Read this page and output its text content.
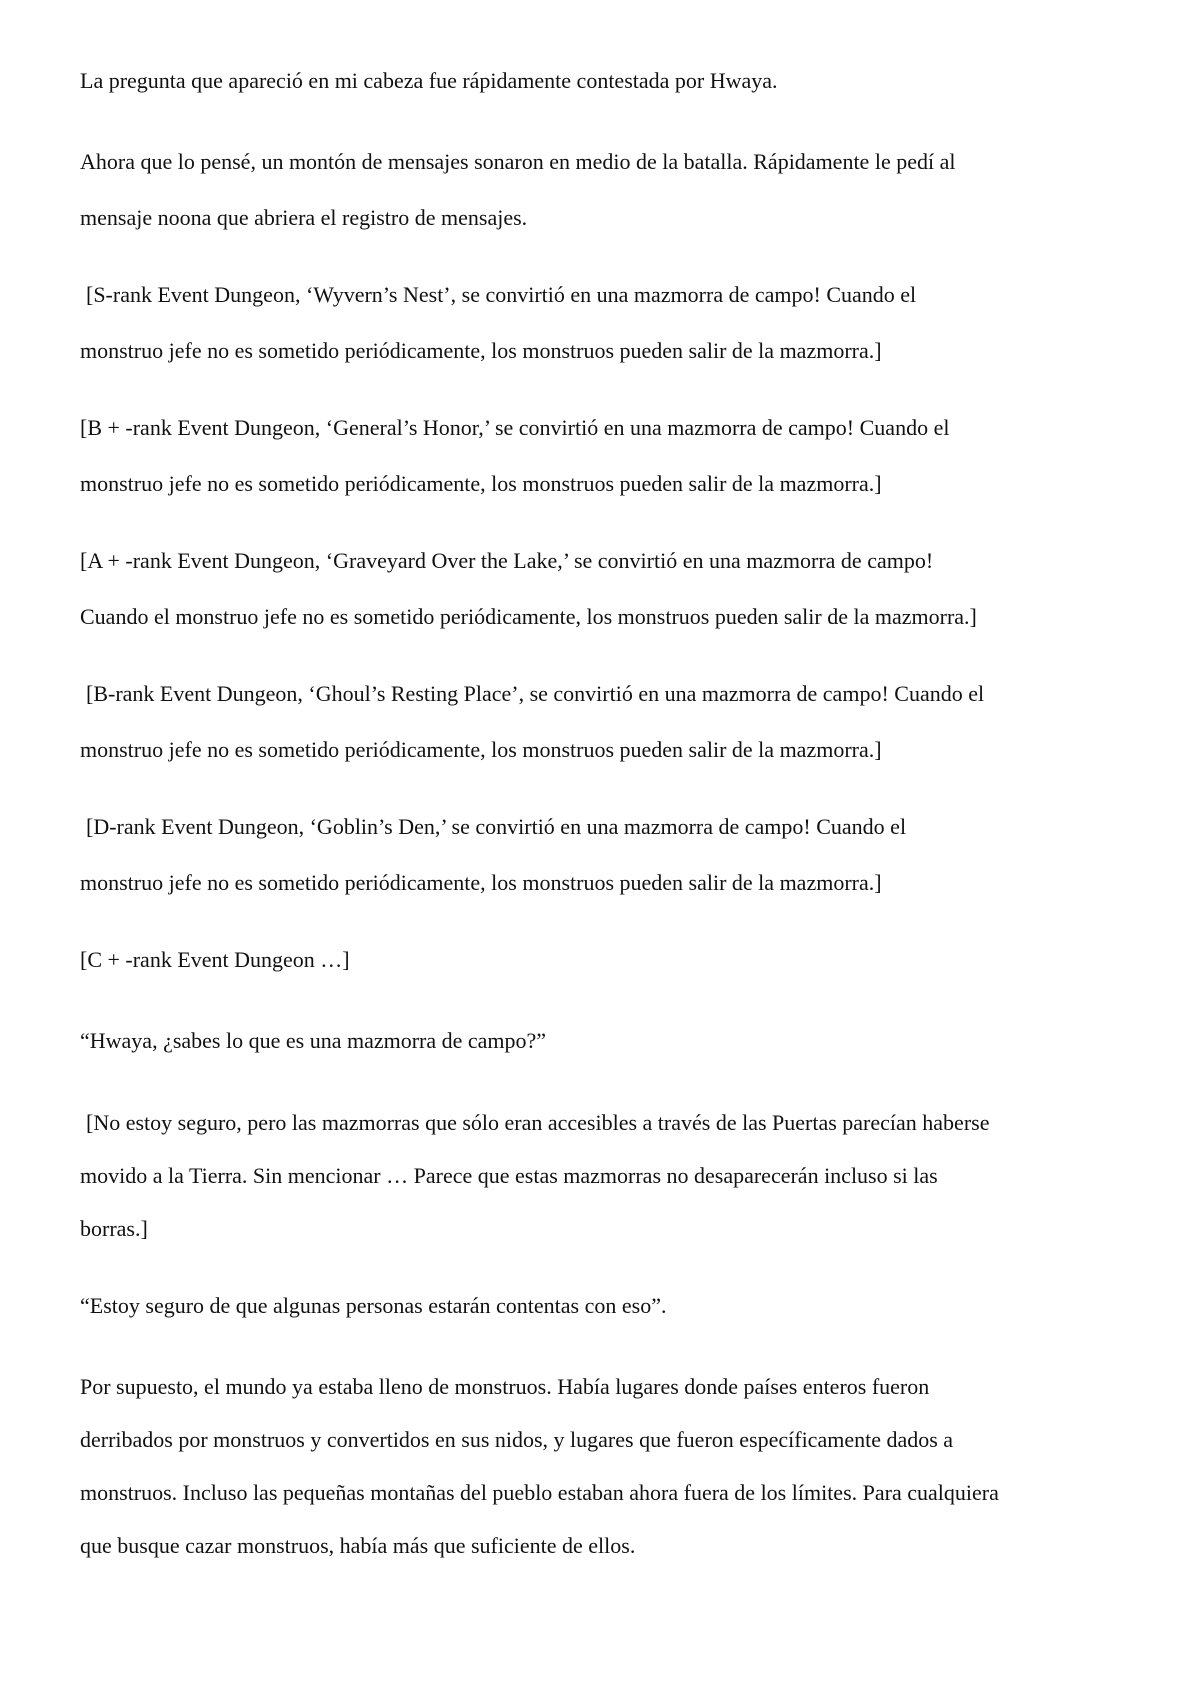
La pregunta que apareció en mi cabeza fue rápidamente contestada por Hwaya.

Ahora que lo pensé, un montón de mensajes sonaron en medio de la batalla. Rápidamente le pedí al

mensaje noona que abriera el registro de mensajes.

[S-rank Event Dungeon, ‘Wyvern’s Nest’, se convirtió en una mazmorra de campo! Cuando el

monstruo jefe no es sometido periódicamente, los monstruos pueden salir de la mazmorra.]

[B + -rank Event Dungeon, ‘General’s Honor,’ se convirtió en una mazmorra de campo! Cuando el

monstruo jefe no es sometido periódicamente, los monstruos pueden salir de la mazmorra.]

[A + -rank Event Dungeon, ‘Graveyard Over the Lake,’ se convirtió en una mazmorra de campo!

Cuando el monstruo jefe no es sometido periódicamente, los monstruos pueden salir de la mazmorra.]

[B-rank Event Dungeon, ‘Ghoul’s Resting Place’, se convirtió en una mazmorra de campo! Cuando el

monstruo jefe no es sometido periódicamente, los monstruos pueden salir de la mazmorra.]

[D-rank Event Dungeon, ‘Goblin’s Den,’ se convirtió en una mazmorra de campo! Cuando el

monstruo jefe no es sometido periódicamente, los monstruos pueden salir de la mazmorra.]

[C + -rank Event Dungeon …]

“Hwaya, ¿sabes lo que es una mazmorra de campo?”

[No estoy seguro, pero las mazmorras que sólo eran accesibles a través de las Puertas parecían haberse

movido a la Tierra. Sin mencionar … Parece que estas mazmorras no desaparecerán incluso si las

borras.]

“Estoy seguro de que algunas personas estarán contentas con eso”.

Por supuesto, el mundo ya estaba lleno de monstruos. Había lugares donde países enteros fueron

derribados por monstruos y convertidos en sus nidos, y lugares que fueron específicamente dados a

monstruos. Incluso las pequeñas montañas del pueblo estaban ahora fuera de los límites. Para cualquiera

que busque cazar monstruos, había más que suficiente de ellos.
